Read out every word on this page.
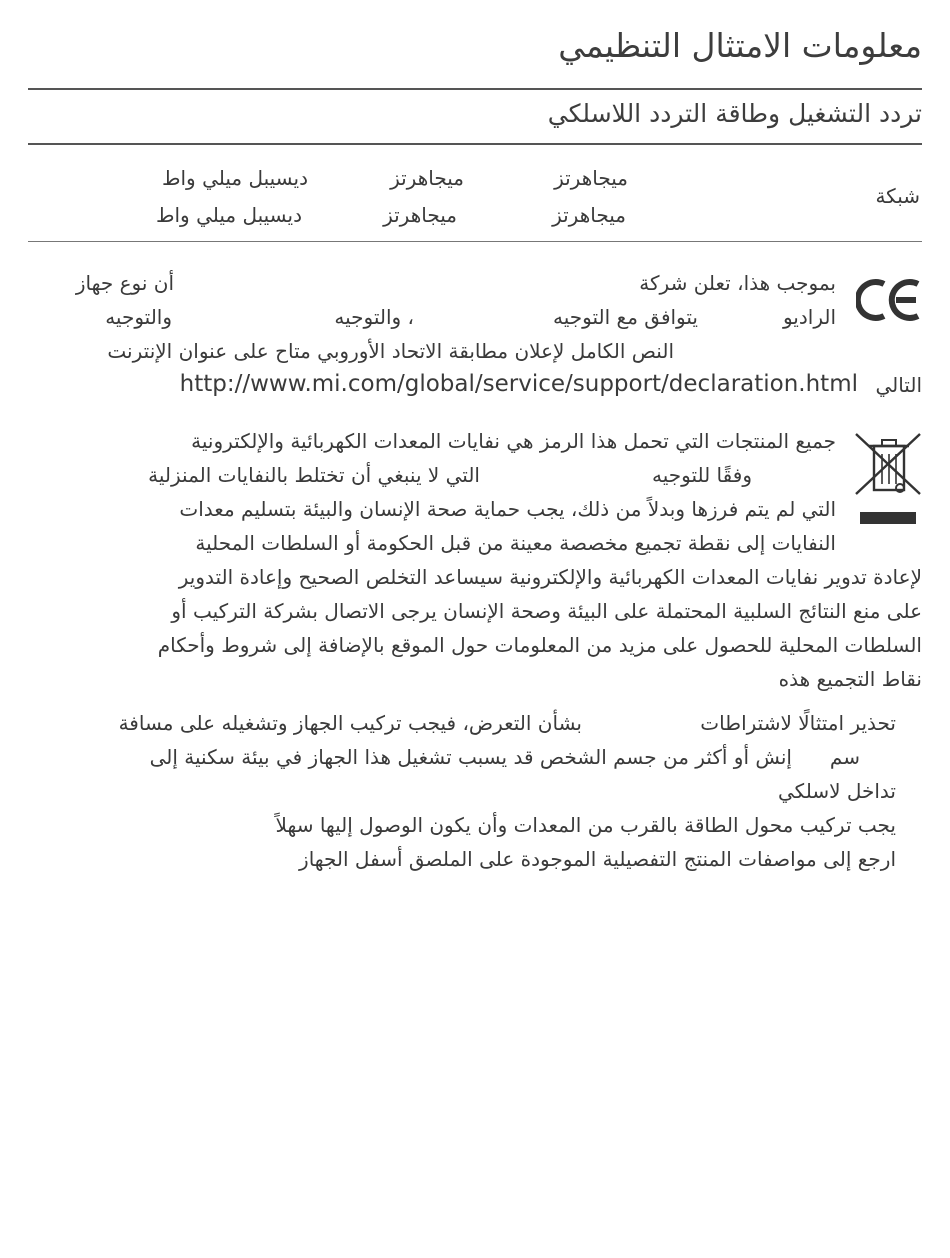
معلومات الامتثال التنظيمي
تردد التشغيل وطاقة التردد اللاسلكي
شبكة
ميجاهرتز
ميجاهرتز
ديسيبل ميلي واط
ميجاهرتز
ميجاهرتز
ديسيبل ميلي واط
بموجب هذا، تعلن شركة
أن نوع جهاز
الراديو
يتوافق مع التوجيه
، والتوجيه
والتوجيه
النص الكامل لإعلان مطابقة الاتحاد الأوروبي متاح على عنوان الإنترنت
التالي
http://www.mi.com/global/service/support/declaration.html
جميع المنتجات التي تحمل هذا الرمز هي نفايات المعدات الكهربائية والإلكترونية
وفقًا للتوجيه
التي لا ينبغي أن تختلط بالنفايات المنزلية
التي لم يتم فرزها وبدلاً من ذلك، يجب حماية صحة الإنسان والبيئة بتسليم معدات
النفايات إلى نقطة تجميع مخصصة معينة من قبل الحكومة أو السلطات المحلية
لإعادة تدوير نفايات المعدات الكهربائية والإلكترونية سيساعد التخلص الصحيح وإعادة التدوير
على منع النتائج السلبية المحتملة على البيئة وصحة الإنسان يرجى الاتصال بشركة التركيب أو
السلطات المحلية للحصول على مزيد من المعلومات حول الموقع بالإضافة إلى شروط وأحكام
نقاط التجميع هذه
تحذير امتثالًا لاشتراطات
بشأن التعرض، فيجب تركيب الجهاز وتشغيله على مسافة
سم
إنش أو أكثر من جسم الشخص قد يسبب تشغيل هذا الجهاز في بيئة سكنية إلى
تداخل لاسلكي
يجب تركيب محول الطاقة بالقرب من المعدات وأن يكون الوصول إليها سهلاً
ارجع إلى مواصفات المنتج التفصيلية الموجودة على الملصق أسفل الجهاز
